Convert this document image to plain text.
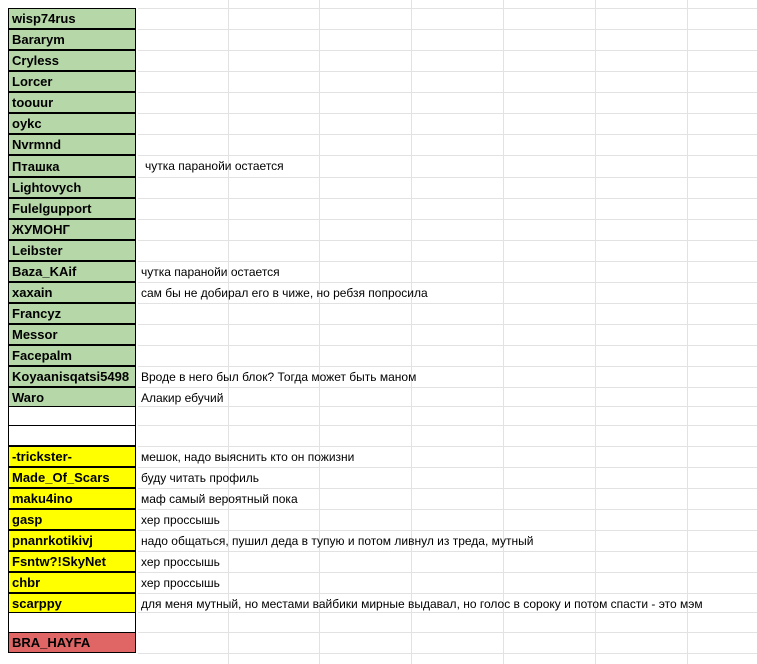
wisp74rus
Bararym
Cryless
Lorcer
toouur
oykc
Nvrmnd
Пташка	чутка паранойи остается
Lightovych
Fulelgupport
ЖУМОНГ
Leibster
Baza_KAif	чутка паранойи остается
xaxain	сам бы не добирал его в чиже, но ребзя попросила
Francyz
Messor
Facepalm
Koyaanisqatsi5498 Вроде в него был блок? Тогда может быть маном
Waro	Алакир ебучий
-trickster-	мешок, надо выяснить кто он пожизни
Made_Of_Scars	буду читать профиль
maku4ino	маф самый вероятный пока
gasp	хер проссышь
pnanrkotikivj	надо общаться, пушил деда в тупую и потом ливнул из треда, мутный
Fsntw?!SkyNet	хер проссышь
chbr	хер проссышь
scarppy	для меня мутный, но местами вайбики мирные выдавал, но голос в сороку и потом спасти - это мэм
BRA_HAYFA
